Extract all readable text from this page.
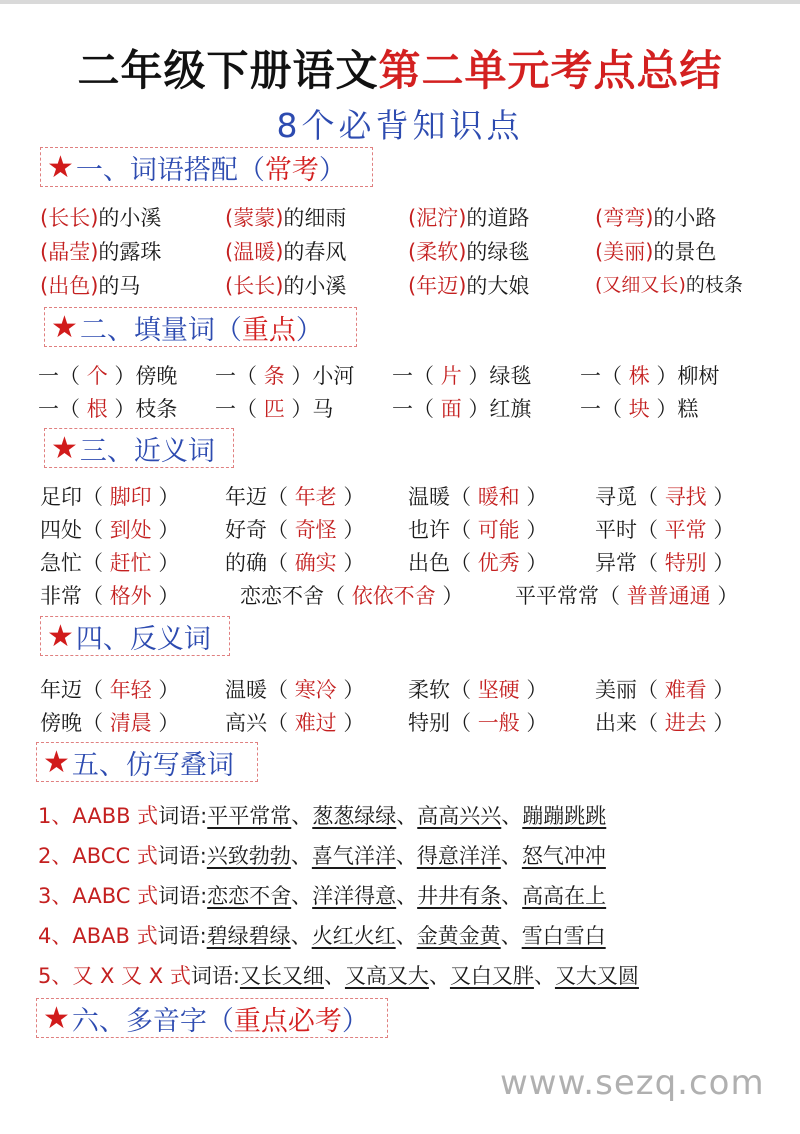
二年级下册语文第二单元考点总结
8个必背知识点
★ 一、词语搭配 （ 常考 ）
(长长)的小溪	(蒙蒙)的细雨	(泥泞)的道路	(弯弯)的小路
(晶莹)的露珠	(温暖)的春风	(柔软)的绿毯	(美丽)的景色
(出色)的马	(长长)的小溪	(年迈)的大娘	(又细又长)的枝条
★ 二、填量词 （ 重点 ）
一（ 个 ）傍晚 一（ 条 ）小河 一（ 片 ）绿毯 一（ 株 ）柳树
一（ 根 ）枝条 一（ 匹 ）马	一（ 面 ）红旗 一（ 块 ）糕
★ 三、近义词
足印（ 脚印 ） 年迈（ 年老 ） 温暖（ 暖和 ） 寻觅（ 寻找 ）
四处（ 到处 ） 好奇（ 奇怪 ） 也许（ 可能 ） 平时（ 平常 ）
急忙（ 赶忙 ） 的确（ 确实 ） 出色（ 优秀 ） 异常（ 特别 ）
非常（ 格外 ）	恋恋不舍（ 依依不舍 ） 平平常常（ 普普通通 ）
★ 四、反义词
年迈（ 年轻 ） 温暖（ 寒冷 ） 柔软（ 坚硬 ） 美丽（ 难看 ）
傍晚（ 清晨 ） 高兴（ 难过 ） 特别（ 一般 ） 出来（ 进去 ）
★ 五、仿写叠词
1、AABB 式词语:平平常常、葱葱绿绿、高高兴兴、蹦蹦跳跳
2、ABCC 式词语:兴致勃勃、喜气洋洋、得意洋洋、怒气冲冲
3、AABC 式词语:恋恋不舍、洋洋得意、井井有条、高高在上
4、ABAB 式词语:碧绿碧绿、火红火红、金黄金黄、雪白雪白
5、又 X 又 X 式词语:又长又细、又高又大、又白又胖、又大又圆
★ 六、多音字 （ 重点必考 ）
www.sezq.com
